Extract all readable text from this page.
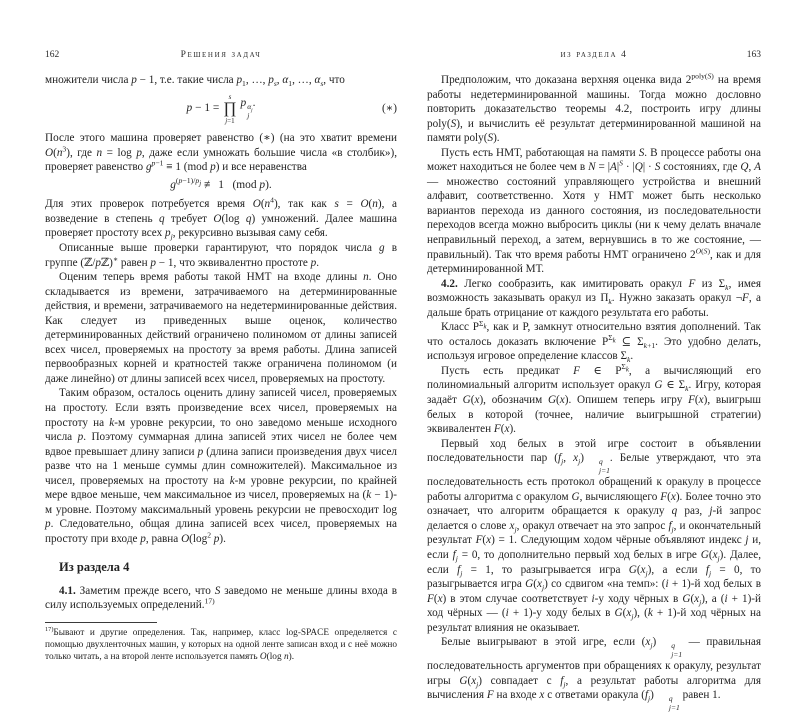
162	Решения задач

множители числа p − 1, т.е. такие числа $p_1$, …, $p_s$, $\alpha_1$, …, $\alpha_s$, что

p − 1 =
s
∏
j=1
p $\alpha_j$
j
.	(∗)

После этого машина проверяет равенство (∗) (на это хватит времени $O(n^3)$, где n = log p, даже если умножать большие числа «в столбик»), проверяет равенство $g^{p-1} \equiv 1$ (mod p) и все неравенства

$g^{(p-1)/p_j}$ ≢ 1   (mod p).

Для этих проверок потребуется время $O(n^4)$, так как s = O(n), а возведение в степень q требует O(log q) умножений. Далее машина проверяет простоту всех $p_j$, рекурсивно вызывая саму себя.

Описанные выше проверки гарантируют, что порядок числа g в группе (ℤ/pℤ)∗ равен p − 1, что эквивалентно простоте p.

Оценим теперь время работы такой НМТ на входе длины n. Оно складывается из времени, затрачиваемого на детерминированные действия, и времени, затрачиваемого на недетерминированные действия. Как следует из приведенных выше оценок, количество детерминированных действий ограничено полиномом от длины записей всех чисел, проверяемых на простоту за время работы. Длина записей первообразных корней и кратностей также ограничена полиномом (и даже линейно) от длины записей всех чисел, проверяемых на простоту.

Таким образом, осталось оценить длину записей чисел, проверяемых на простоту. Если взять произведение всех чисел, проверяемых на простоту на k-м уровне рекурсии, то оно заведомо меньше исходного числа p. Поэтому суммарная длина записей этих чисел не более чем вдвое превышает длину записи p (длина записи произведения двух чисел разве что на 1 меньше суммы длин сомножителей). Максимальное из чисел, проверяемых на простоту на k-м уровне рекурсии, по крайней мере вдвое меньше, чем максимальное из чисел, проверяемых на (k − 1)-м уровне. Поэтому максимальный уровень рекурсии не превосходит log p. Следовательно, общая длина записей всех чисел, проверяемых на простоту при входе p, равна $O(\log^2$ p).

Из раздела 4

4.1. Заметим прежде всего, что S заведомо не меньше длины входа в силу используемых определений.$^{17)}$

$^{17)}$Бывают и другие определения. Так, например, класс log-SPACE определяется с помощью двухленточных машин, у которых на одной ленте записан вход и с неё можно только читать, а на второй ленте используется память O(log n).
из раздела 4	163

Предположим, что доказана верхняя оценка вида $2^{poly(S)}$ на время работы недетерминированной машины. Тогда можно дословно повторить доказательство теоремы 4.2, построить игру длины poly(S), и вычислить её результат детерминированной машиной на памяти poly(S).

Пусть есть НМТ, работающая на памяти S. В процессе работы она может находиться не более чем в $N = |A|^S \cdot |Q| \cdot S$ состояниях, где Q, A — множество состояний управляющего устройства и внешний алфавит, соответственно. Хотя у НМТ может быть несколько вариантов перехода из данного состояния, из последовательности переходов всегда можно выбросить циклы (ни к чему делать вначале неправильный переход, а затем, вернувшись в то же состояние, — правильный). Так что время работы НМТ ограничено $2^{O(S)}$, как и для детерминированной МТ.

4.2. Легко сообразить, как имитировать оракул F из $\Sigma_k$, имея возможность заказывать оракул из $\Pi_k$. Нужно заказать оракул ¬F, а дальше брать отрицание от каждого результата его работы.

Класс $P^{\Sigma_k}$, как и P, замкнут относительно взятия дополнений. Так что осталось доказать включение $P^{\Sigma_k}$ ⊆ $\Sigma_{k+1}$. Это удобно делать, используя игровое определение классов $\Sigma_k$.

Пусть есть предикат F ∈ $P^{\Sigma_k}$, а вычисляющий его полиномиальный алгоритм использует оракул G ∈ $\Sigma_k$. Игру, которая задаёт G(x), обозначим G(x). Опишем теперь игру F(x), выигрыш белых в которой (точнее, наличие выигрышной стратегии) эквивалентен F(x).

Первый ход белых в этой игре состоит в объявлении последовательности пар ($f_j$, $x_j$)	q
j=1
. Белые утверждают, что эта последовательность есть протокол обращений к оракулу в процессе работы алгоритма с оракулом G, вычисляющего F(x). Более точно это означает, что алгоритм обращается к оракулу q раз, j-й запрос делается о слове $x_j$, оракул отвечает на это запрос $f_j$, и окончательный результат F(x) = 1. Следующим ходом чёрные объявляют индекс j и, если $f_j = 0$, то дополнительно первый ход белых в игре $G(x_j)$. Далее, если $f_j = 1$, то разыгрывается игра $G(x_j)$, а если $f_j = 0$, то разыгрывается игра $G(x_j)$ со сдвигом «на темп»: (i + 1)-й ход белых в F(x) в этом случае соответствует i-у ходу чёрных в $G(x_j)$, а (i + 1)-й ход чёрных — (i + 1)-у ходу белых в $G(x_j)$, (k + 1)-й ход чёрных на результат влияния не оказывает.

Белые выигрывают в этой игре, если $(x_j)$	q
j=1
— правильная последовательность аргументов при обращениях к оракулу, результат игры $G(x_j)$ совпадает с $f_j$, а результат работы алгоритма для вычисления F на входе x с ответами оракула $(f_j)$	q
j=1
равен 1.
